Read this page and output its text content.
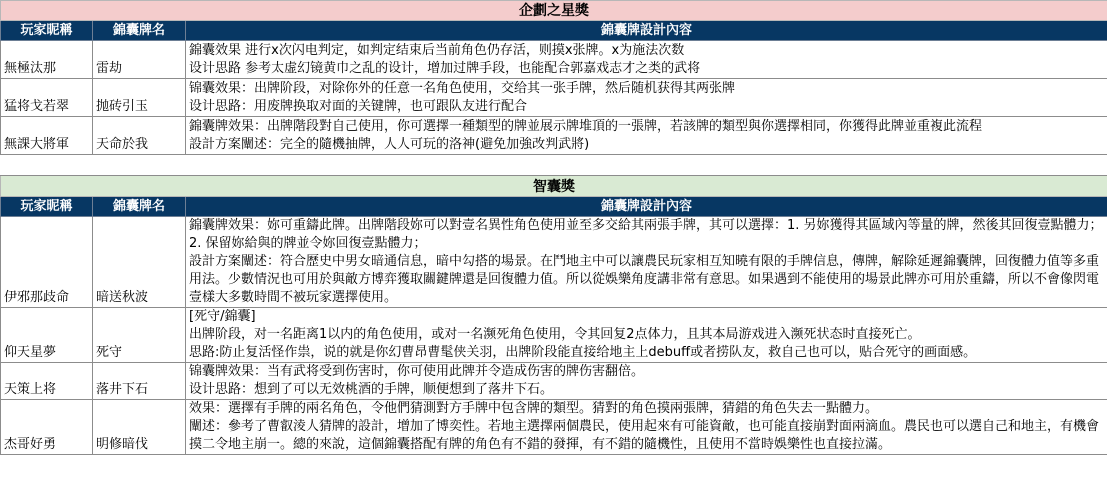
企劃之星獎		
玩家昵稱	錦囊牌名	錦囊牌設計內容
無極汰那	雷劫	錦囊效果 进行x次闪电判定，如判定结束后当前角色仍存活，则摸x张牌。x为施法次数
设计思路 参考太虚幻镜黄巾之乱的设计，增加过牌手段，也能配合郭嘉戏志才之类的武将

猛将戈若翠	抛砖引玉	锦囊效果：出牌阶段，对除你外的任意一名角色使用，交给其一张手牌，然后随机获得其两张牌
设计思路：用废牌换取对面的关键牌，也可跟队友进行配合

無課大將軍	天命於我	錦囊牌效果：出牌階段對自己使用，你可選擇一種類型的牌並展示牌堆頂的一張牌，若該牌的類型與你選擇相同，你獲得此牌並重複此流程
設計方案闡述：完全的隨機抽牌，人人可玩的洛神(避免加強改判武將)

智囊獎		
玩家昵稱	錦囊牌名	錦囊牌設計內容
伊邪那歧命	暗送秋波	錦囊牌效果：妳可重鑄此牌。出牌階段妳可以對壹名異性角色使用並至多交給其兩張手牌，其可以選擇：1. 另妳獲得其區域內等量的牌，然後其回復壹點體力；2. 保留妳給與的牌並令妳回復壹點體力；
設計方案闡述：符合歷史中男女暗通信息，暗中勾搭的場景。在鬥地主中可以讓農民玩家相互知曉有限的手牌信息，傳牌，解除延遲錦囊牌，回復體力值等多重用法。少數情況也可用於與敵方博弈獲取關鍵牌還是回復體力值。所以從娛樂角度講非常有意思。如果遇到不能使用的場景此牌亦可用於重鑄，所以不會像閃電壹樣大多數時間不被玩家選擇使用。

仰天星夢	死守	[死守/錦囊]
出牌阶段，对一名距离1以内的角色使用，或对一名濒死角色使用，令其回复2点体力，且其本局游戏进入濒死状态时直接死亡。
思路:防止复活怪作祟，说的就是你幻曹昂曹髦侠关羽，出牌阶段能直接给地主上debuff或者捞队友，救自己也可以，贴合死守的画面感。

天策上将	落井下石	锦囊牌效果：当有武将受到伤害时，你可使用此牌并令造成伤害的牌伤害翻倍。
设计思路：想到了可以无效桃酒的手牌，顺便想到了落井下石。

杰哥好勇	明修暗伐	效果：選擇有手牌的兩名角色，令他們猜測對方手牌中包含牌的類型。猜對的角色摸兩張牌，猜錯的角色失去一點體力。
闡述：參考了曹叡淩人猜牌的設計，增加了博奕性。若地主選擇兩個農民，使用起來有可能資敵，也可能直接崩對面兩滴血。農民也可以選自己和地主，有機會摸二令地主崩一。總的來說，這個錦囊搭配有牌的角色有不錯的發揮，有不錯的隨機性，且使用不當時娛樂性也直接拉滿。
